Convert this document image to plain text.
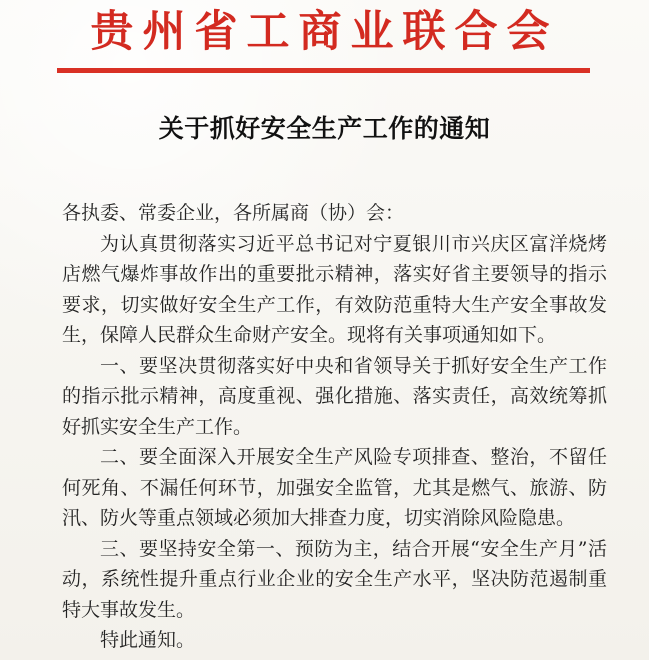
贵州省工商业联合会
关于抓好安全生产工作的通知

各执委、常委企业，各所属商（协）会：

为认真贯彻落实习近平总书记对宁夏银川市兴庆区富洋烧烤店燃气爆炸事故作出的重要批示精神，落实好省主要领导的指示要求，切实做好安全生产工作，有效防范重特大生产安全事故发生，保障人民群众生命财产安全。现将有关事项通知如下。

一、要坚决贯彻落实好中央和省领导关于抓好安全生产工作的指示批示精神，高度重视、强化措施、落实责任，高效统筹抓好抓实安全生产工作。

二、要全面深入开展安全生产风险专项排查、整治，不留任何死角、不漏任何环节，加强安全监管，尤其是燃气、旅游、防汛、防火等重点领域必须加大排查力度，切实消除风险隐患。

三、要坚持安全第一、预防为主，结合开展“安全生产月”活动，系统性提升重点行业企业的安全生产水平，坚决防范遏制重特大事故发生。

特此通知。
